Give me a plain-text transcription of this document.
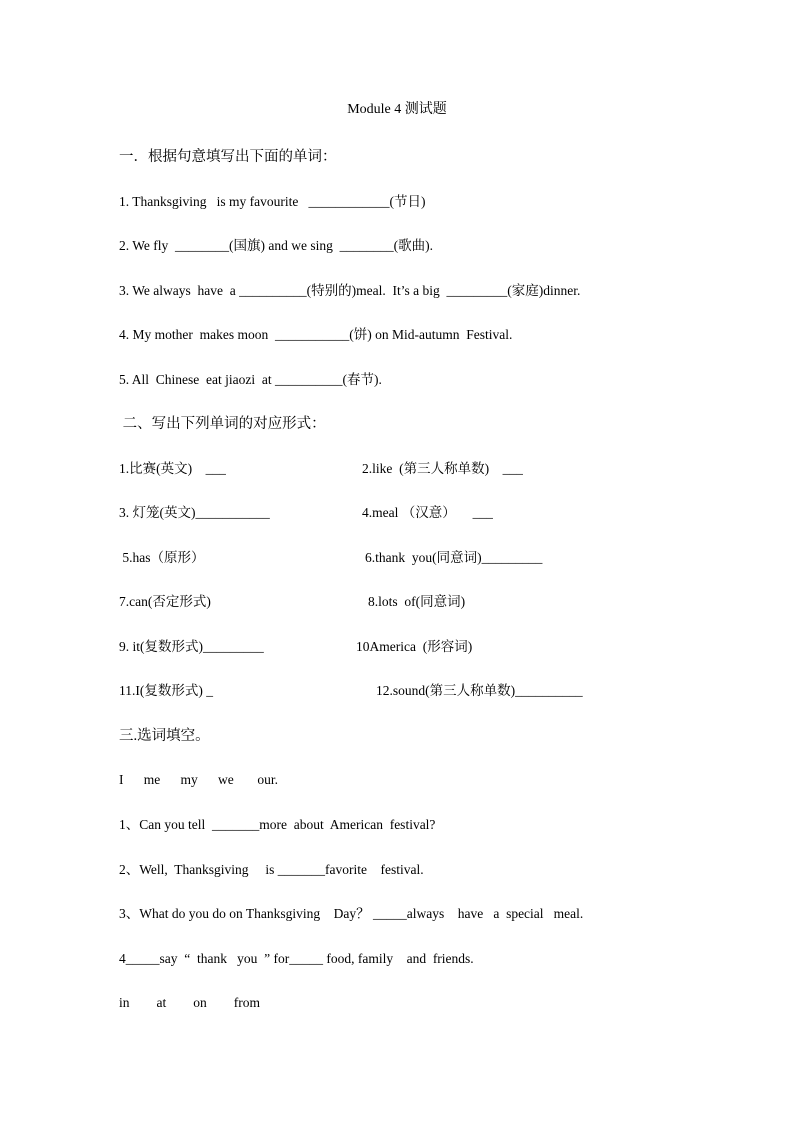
Module 4 测试题
一．根据句意填写出下面的单词：
1. Thanksgiving   is my favourite   ____________(节日)
2. We fly  ________(国旗) and we sing  ________(歌曲).
3. We always  have  a __________(特别的)meal.  It’s a big  _________(家庭)dinner.
4. My mother  makes moon  ___________(饼) on Mid-autumn  Festival.
5. All  Chinese  eat jiaozi  at __________(春节).
二、写出下列单词的对应形式：
1.比赛(英文)    ___	2.like  (第三人称单数)    ___
3. 灯笼(英文)___________	4.meal （汉意）     ___
5.has（原形）	6.thank  you(同意词)_________
7.can(否定形式)	8.lots  of(同意词)
9. it(复数形式)_________	10America  (形容词)
11.I(复数形式) _	12.sound(第三人称单数)__________
三.选词填空。
I      me      my      we       our.
1、Can you tell  _______more  about  American  festival?
2、Well,  Thanksgiving     is _______favorite    festival.
3、What do you do on Thanksgiving    Day？ _____always    have   a  special   meal.
4_____say  “  thank   you  ” for_____ food, family    and  friends.
in        at        on        from
